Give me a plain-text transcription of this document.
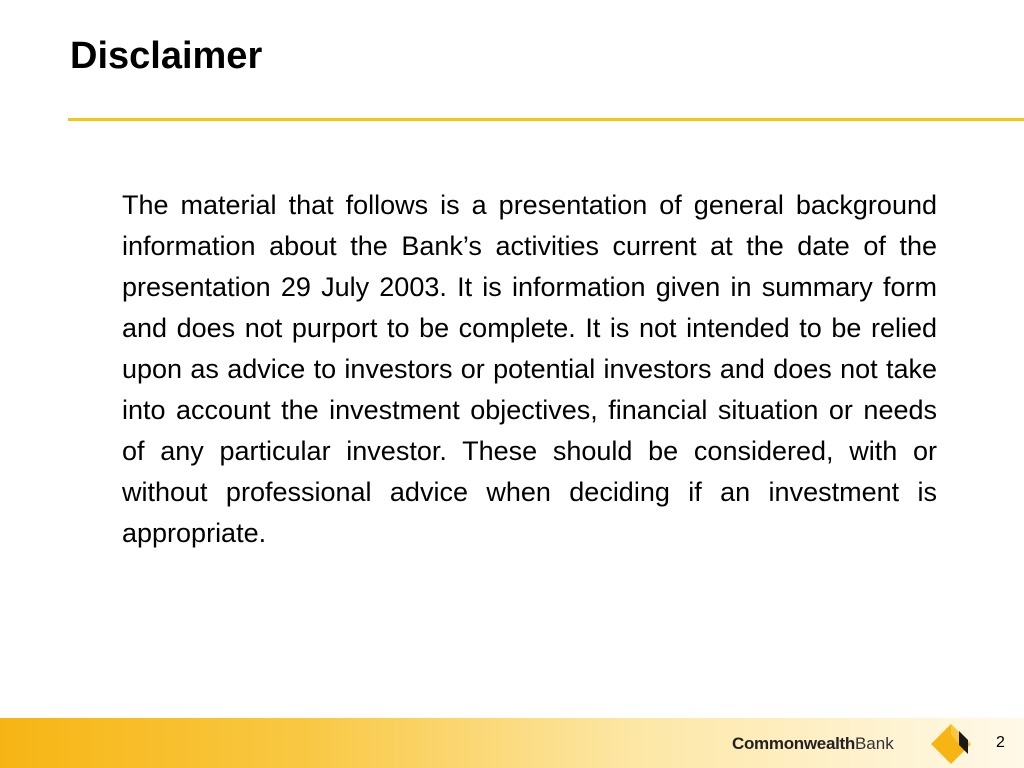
Disclaimer

The material that follows is a presentation of general background information about the Bank’s activities current at the date of the presentation 29 July 2003. It is information given in summary form and does not purport to be complete. It is not intended to be relied upon as advice to investors or potential investors and does not take into account the investment objectives, financial situation or needs of any particular investor. These should be considered, with or without professional advice when deciding if an investment is appropriate.

CommonwealthBank	2
